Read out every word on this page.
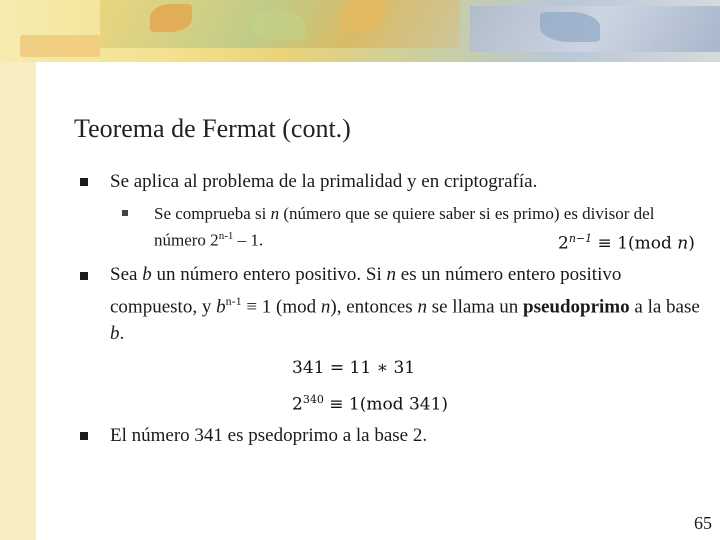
Teorema de Fermat (cont.)
Se aplica al problema de la primalidad y en criptografía.
Se comprueba si n (número que se quiere saber si es primo) es divisor del número 2$^{n-1}$ – 1.	$2^{n-1} \equiv 1(mod$ n)
Sea b un número entero positivo. Si n es un número entero positivo compuesto, y $b^{n-1} \equiv 1$ (mod n), entonces n se llama un pseudoprimo a la base b.
341 = 11 ∗ 31
$2^{340} \equiv 1(mod$ 341)
El número 341 es psedoprimo a la base 2.
65
